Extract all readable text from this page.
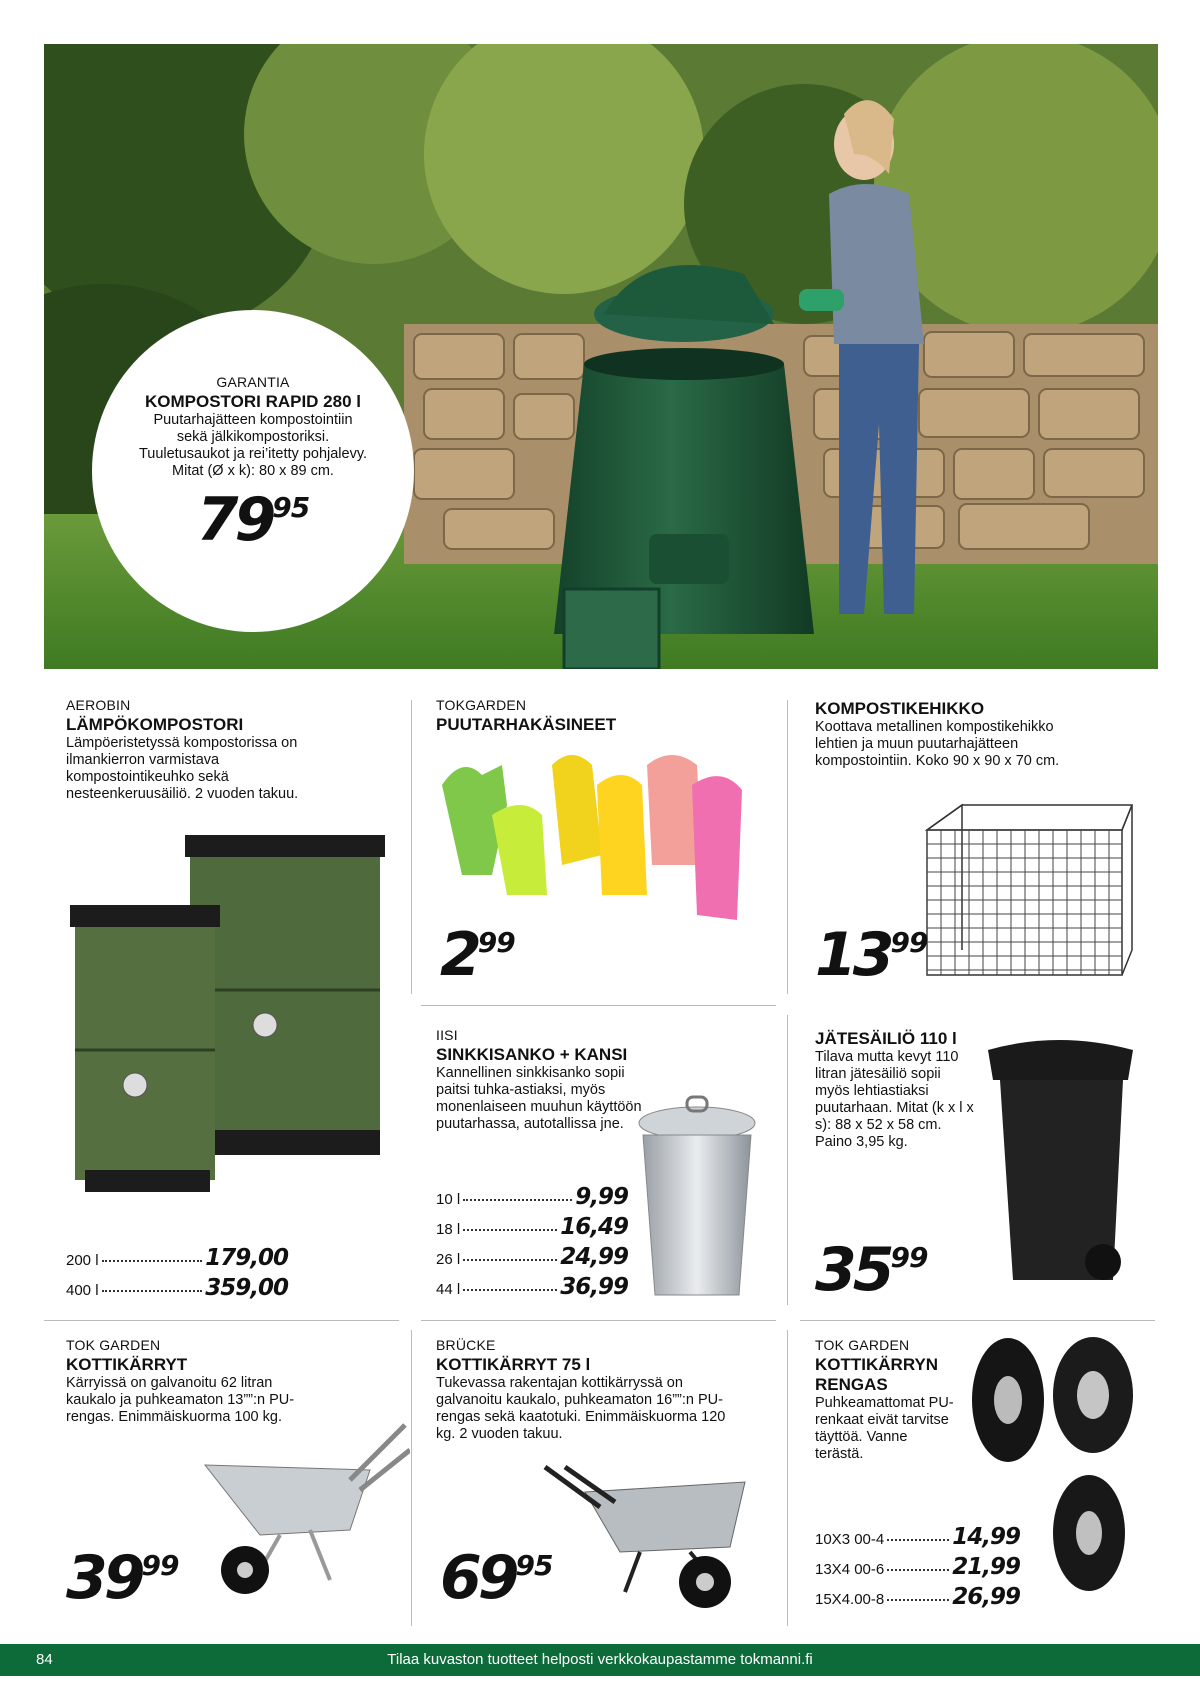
GARANTIA
KOMPOSTORI RAPID 280 l
Puutarhajätteen kompostointiin sekä jälkikompostoriksi. Tuuletusaukot ja rei’itetty pohjalevy. Mitat (Ø x k): 80 x 89 cm.
7995
AEROBIN
LÄMPÖKOMPOSTORI
Lämpöeristetyssä kompostorissa on ilmankierron varmistava kompostointikeuhko sekä nesteenkeruusäiliö. 2 vuoden takuu.
200 l	179,00
400 l	359,00
TOKGARDEN
PUUTARHAKÄSINEET
299
KOMPOSTIKEHIKKO
Koottava metallinen kompostikehikko lehtien ja muun puutarhajätteen kompostointiin. Koko 90 x 90 x 70 cm.
1399
IISI
SINKKISANKO + KANSI
Kannellinen sinkkisanko sopii paitsi tuhka-astiaksi, myös monenlaiseen muuhun käyttöön puutarhassa, autotallissa jne.
10 l	9,99
18 l	16,49
26 l	24,99
44 l	36,99
JÄTESÄILIÖ 110 l
Tilava mutta kevyt 110 litran jätesäiliö sopii myös lehtiastiaksi puutarhaan. Mitat (k x l x s): 88 x 52 x 58 cm. Paino 3,95 kg.
3599
TOK GARDEN
KOTTIKÄRRYT
Kärryissä on galvanoitu 62 litran kaukalo ja puhkeamaton 13””:n PU-rengas. Enimmäiskuorma 100 kg.
3999
BRÜCKE
KOTTIKÄRRYT 75 l
Tukevassa rakentajan kottikärryssä on galvanoitu kaukalo, puhkeamaton 16””:n PU-rengas sekä kaatotuki. Enimmäiskuorma 120 kg. 2 vuoden takuu.
6995
TOK GARDEN
KOTTIKÄRRYN RENGAS
Puhkeamattomat PU-renkaat eivät tarvitse täyttöä. Vanne terästä.
10X3 00-4	14,99
13X4 00-6	21,99
15X4.00-8	26,99
84	Tilaa kuvaston tuotteet helposti verkkokaupastamme tokmanni.fi
